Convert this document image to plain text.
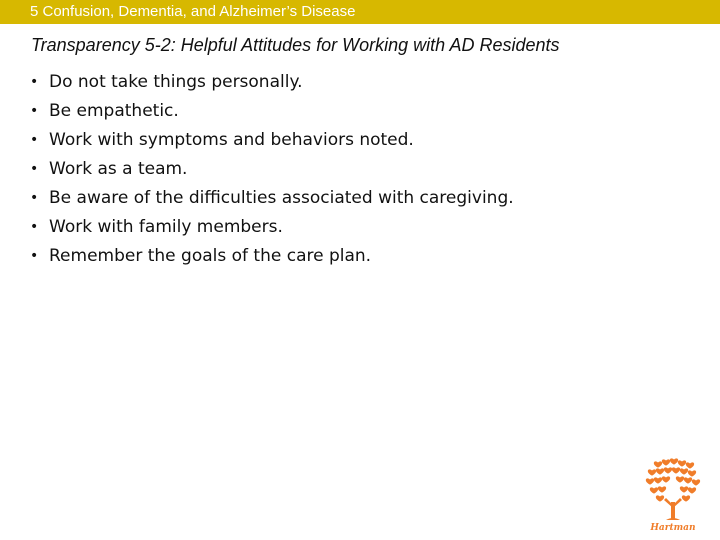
5 Confusion, Dementia, and Alzheimer’s Disease
Transparency 5-2: Helpful Attitudes for Working with AD Residents
• Do not take things personally.
• Be empathetic.
• Work with symptoms and behaviors noted.
• Work as a team.
• Be aware of the difficulties associated with caregiving.
• Work with family members.
• Remember the goals of the care plan.
Hartman
